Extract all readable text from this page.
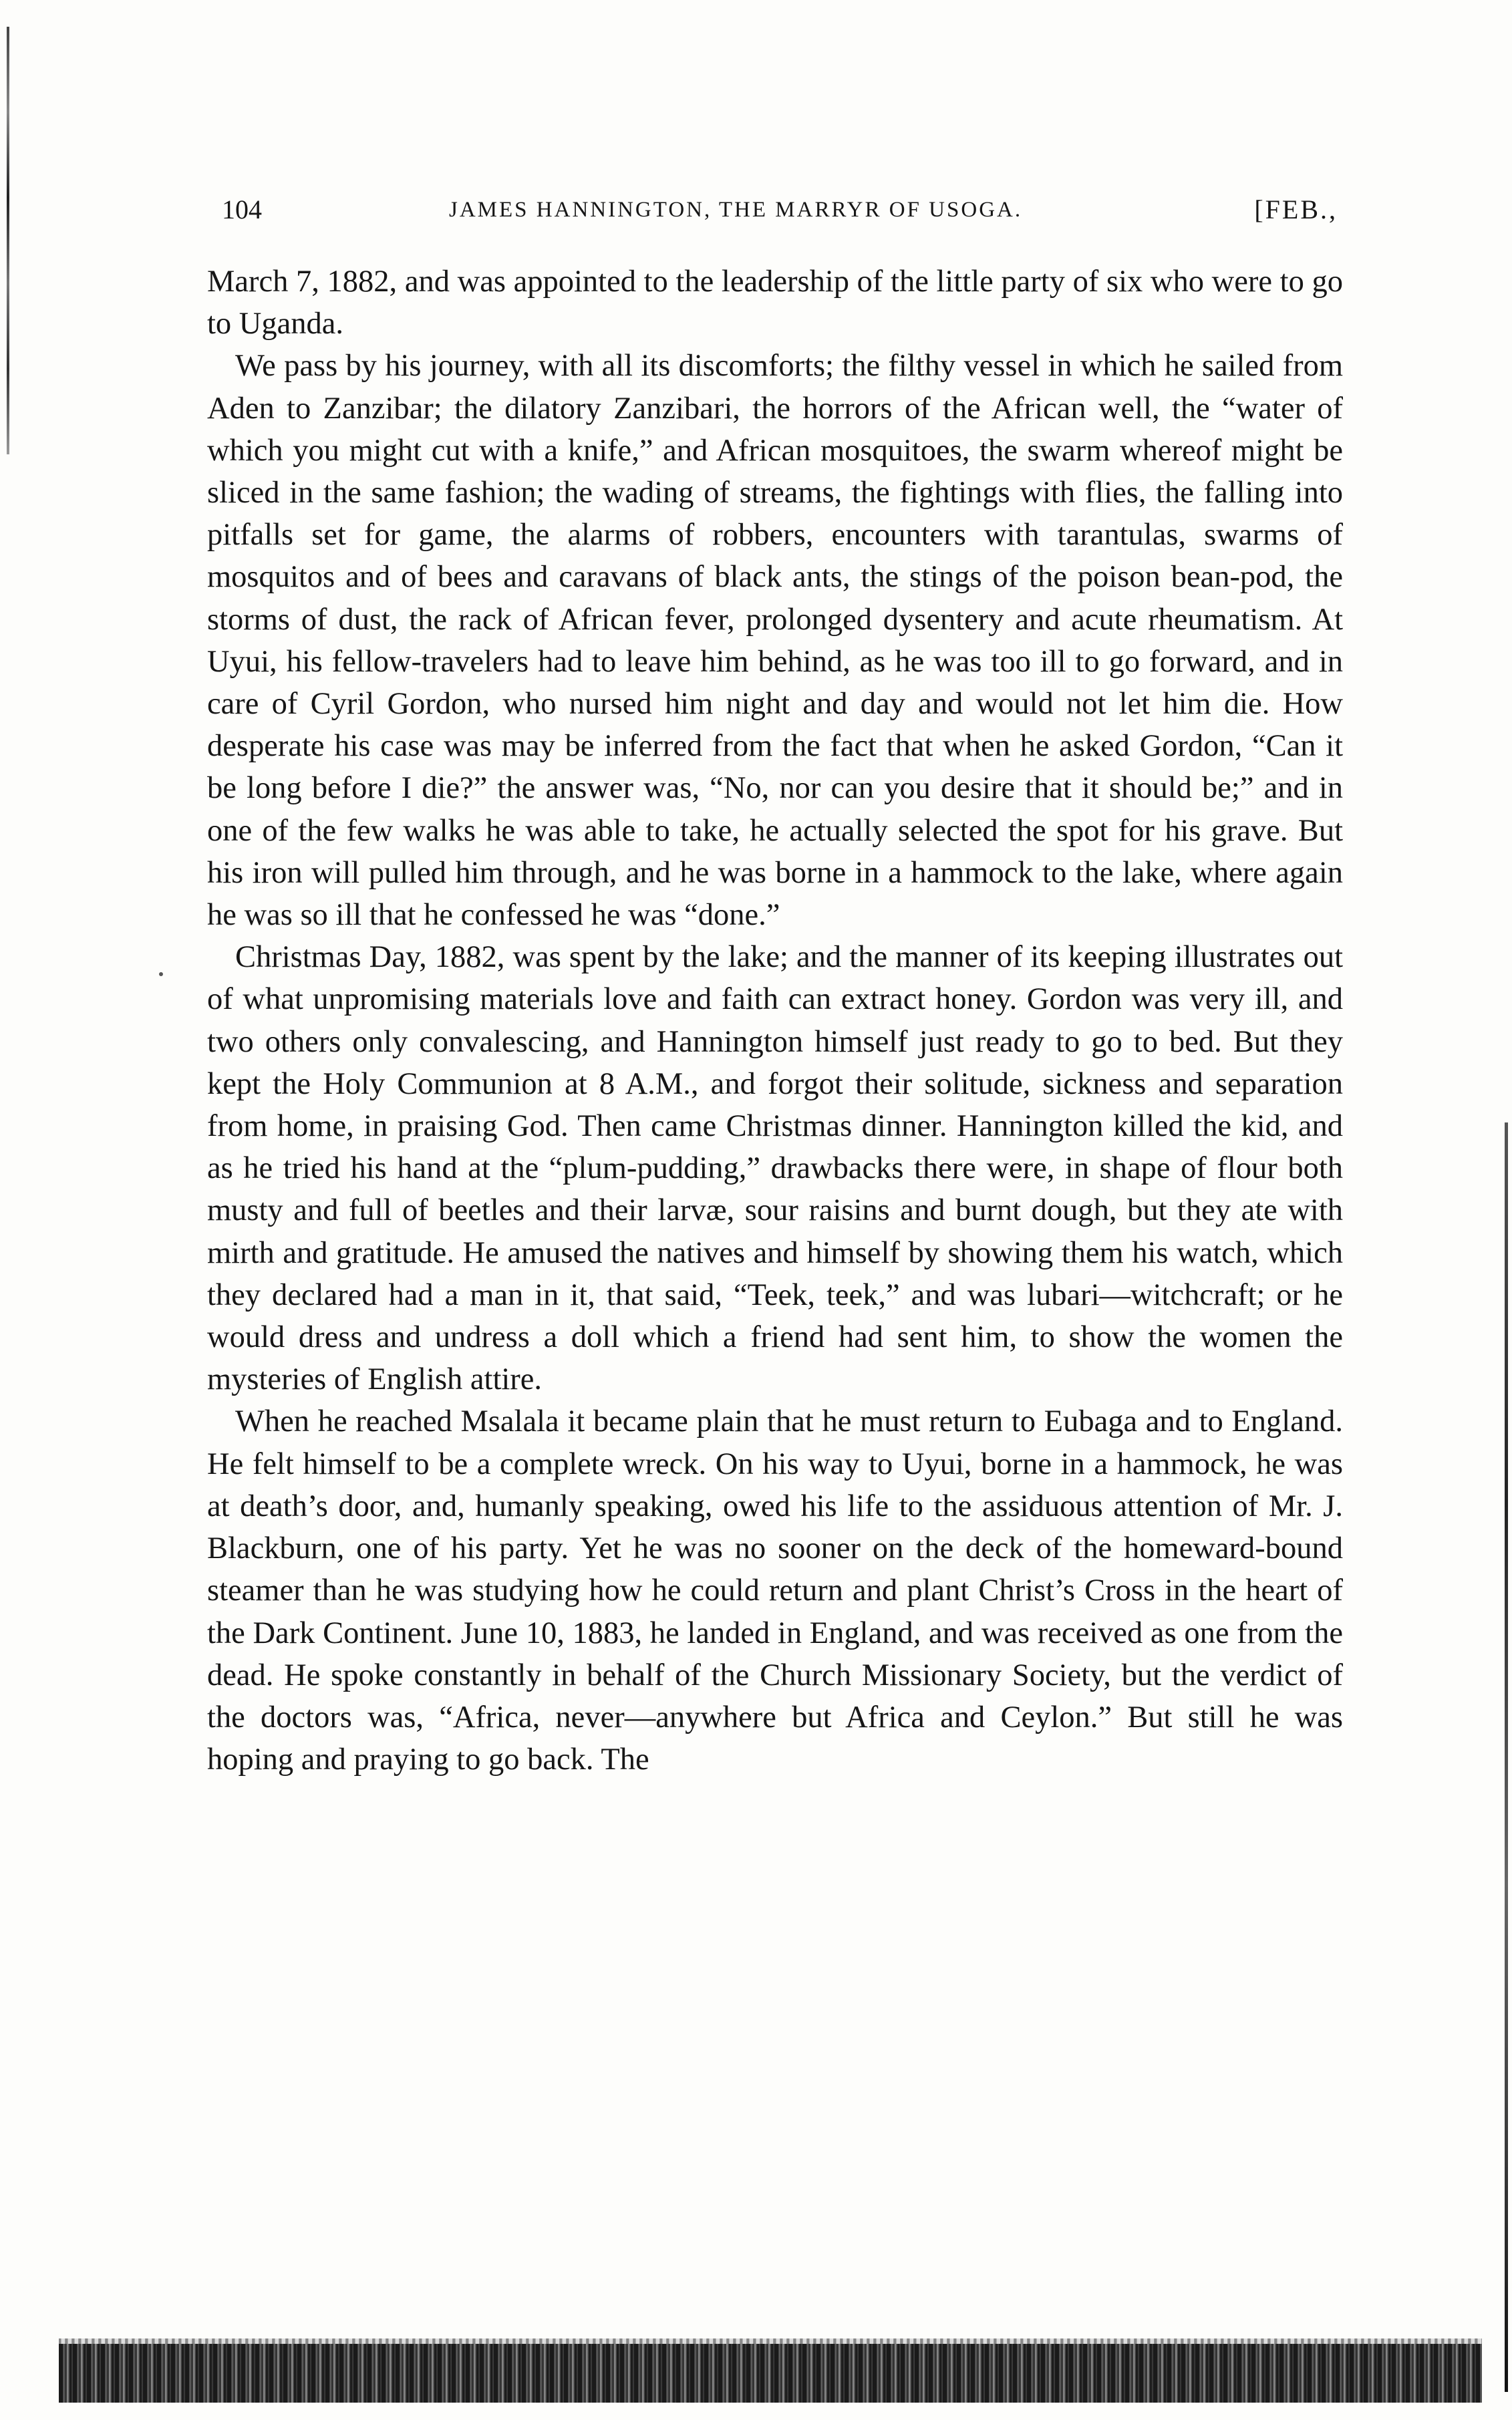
104	JAMES HANNINGTON, THE MARRYR OF USOGA.	[FEB.,

March 7, 1882, and was appointed to the leadership of the little party of six who were to go to Uganda.

We pass by his journey, with all its discomforts; the filthy vessel in which he sailed from Aden to Zanzibar; the dilatory Zanzibari, the horrors of the African well, the “water of which you might cut with a knife,” and African mosquitoes, the swarm whereof might be sliced in the same fashion; the wading of streams, the fightings with flies, the falling into pitfalls set for game, the alarms of robbers, encounters with tarantulas, swarms of mosquitos and of bees and caravans of black ants, the stings of the poison bean-pod, the storms of dust, the rack of African fever, prolonged dysentery and acute rheumatism. At Uyui, his fellow-travelers had to leave him behind, as he was too ill to go forward, and in care of Cyril Gordon, who nursed him night and day and would not let him die. How desperate his case was may be inferred from the fact that when he asked Gordon, “Can it be long before I die?” the answer was, “No, nor can you desire that it should be;” and in one of the few walks he was able to take, he actually selected the spot for his grave. But his iron will pulled him through, and he was borne in a hammock to the lake, where again he was so ill that he confessed he was “done.”

Christmas Day, 1882, was spent by the lake; and the manner of its keeping illustrates out of what unpromising materials love and faith can extract honey. Gordon was very ill, and two others only convalescing, and Hannington himself just ready to go to bed. But they kept the Holy Communion at 8 A.M., and forgot their solitude, sickness and separation from home, in praising God. Then came Christmas dinner. Hannington killed the kid, and as he tried his hand at the “plum-pudding,” drawbacks there were, in shape of flour both musty and full of beetles and their larvæ, sour raisins and burnt dough, but they ate with mirth and gratitude. He amused the natives and himself by showing them his watch, which they declared had a man in it, that said, “Teek, teek,” and was lubari—witchcraft; or he would dress and undress a doll which a friend had sent him, to show the women the mysteries of English attire.

When he reached Msalala it became plain that he must return to Eubaga and to England. He felt himself to be a complete wreck. On his way to Uyui, borne in a hammock, he was at death’s door, and, humanly speaking, owed his life to the assiduous attention of Mr. J. Blackburn, one of his party. Yet he was no sooner on the deck of the homeward-bound steamer than he was studying how he could return and plant Christ’s Cross in the heart of the Dark Continent. June 10, 1883, he landed in England, and was received as one from the dead. He spoke constantly in behalf of the Church Missionary Society, but the verdict of the doctors was, “Africa, never—anywhere but Africa and Ceylon.” But still he was hoping and praying to go back. The
